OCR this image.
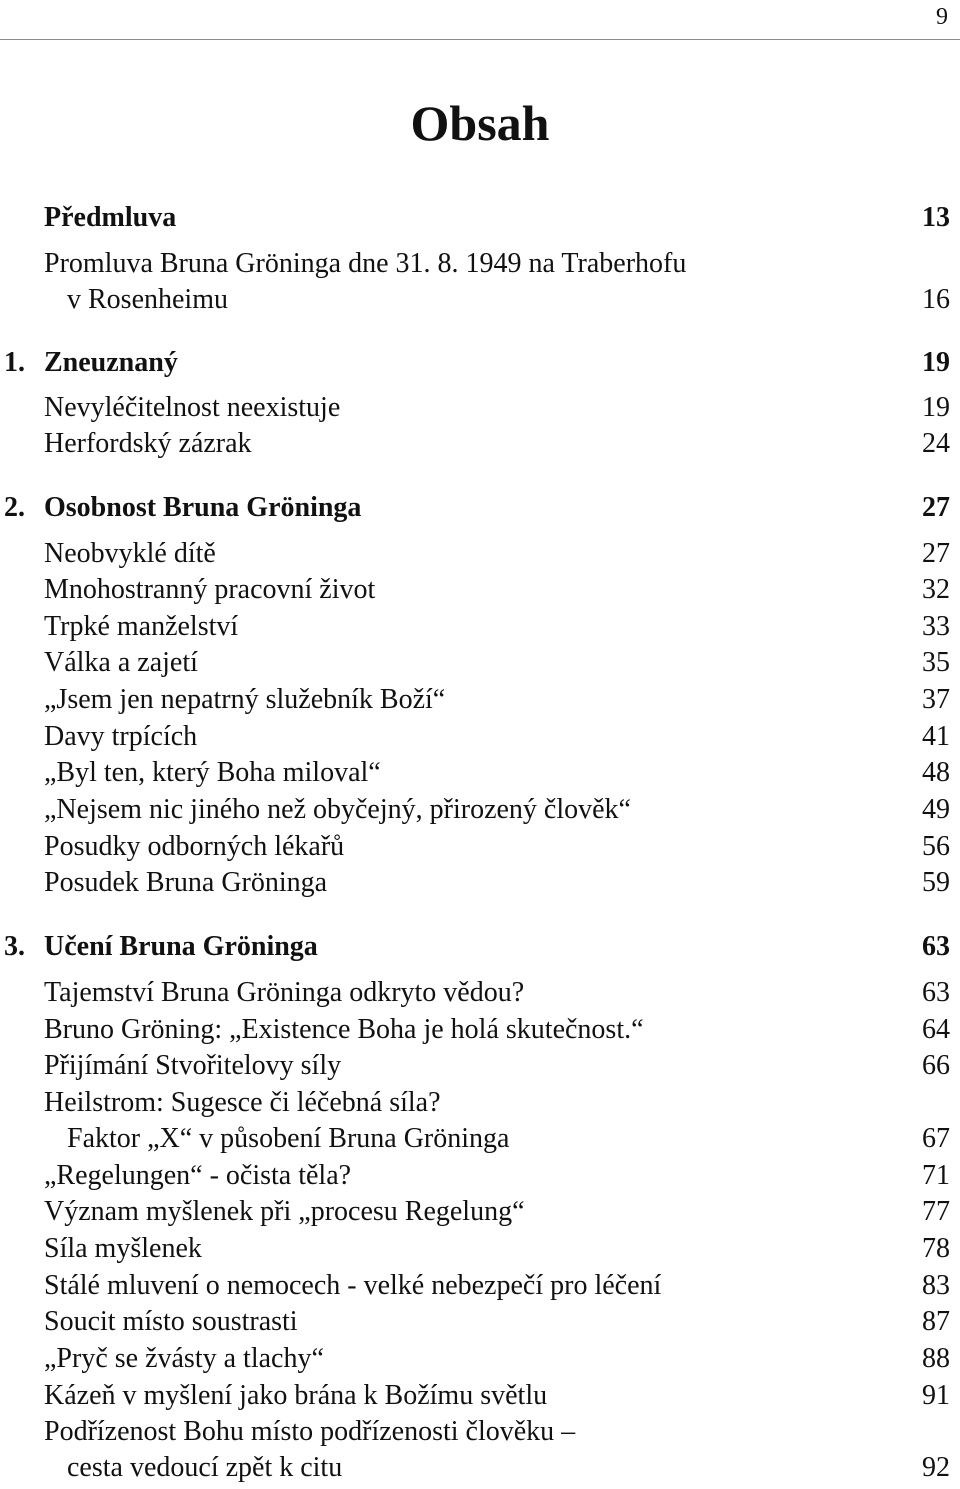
9
Obsah
Předmluva	13
Promluva Bruna Gröninga dne 31. 8. 1949 na Traberhofu
v Rosenheimu	16
1. Zneuznaný	19
Nevyléčitelnost neexistuje	19
Herfordský zázrak	24
2. Osobnost Bruna Gröninga	27
Neobvyklé dítě	27
Mnohostranný pracovní život	32
Trpké manželství	33
Válka a zajetí	35
„Jsem jen nepatrný služebník Boží“	37
Davy trpících	41
„Byl ten, který Boha miloval“	48
„Nejsem nic jiného než obyčejný, přirozený člověk“	49
Posudky odborných lékařů	56
Posudek Bruna Gröninga	59
3. Učení Bruna Gröninga	63
Tajemství Bruna Gröninga odkryto vědou?	63
Bruno Gröning: „Existence Boha je holá skutečnost.“	64
Přijímání Stvořitelovy síly	66
Heilstrom: Sugesce či léčebná síla?
Faktor „X“ v působení Bruna Gröninga	67
„Regelungen“ - očista těla?	71
Význam myšlenek při „procesu Regelung“	77
Síla myšlenek	78
Stálé mluvení o nemocech - velké nebezpečí pro léčení	83
Soucit místo soustrasti	87
„Pryč se žvásty a tlachy“	88
Kázeň v myšlení jako brána k Božímu světlu	91
Podřízenost Bohu místo podřízenosti člověku –
cesta vedoucí zpět k citu	92
